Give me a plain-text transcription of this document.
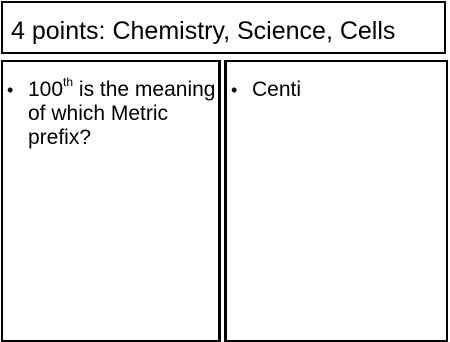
4 points: Chemistry, Science, Cells
• 100th is the meaning of which Metric prefix?
• Centi
